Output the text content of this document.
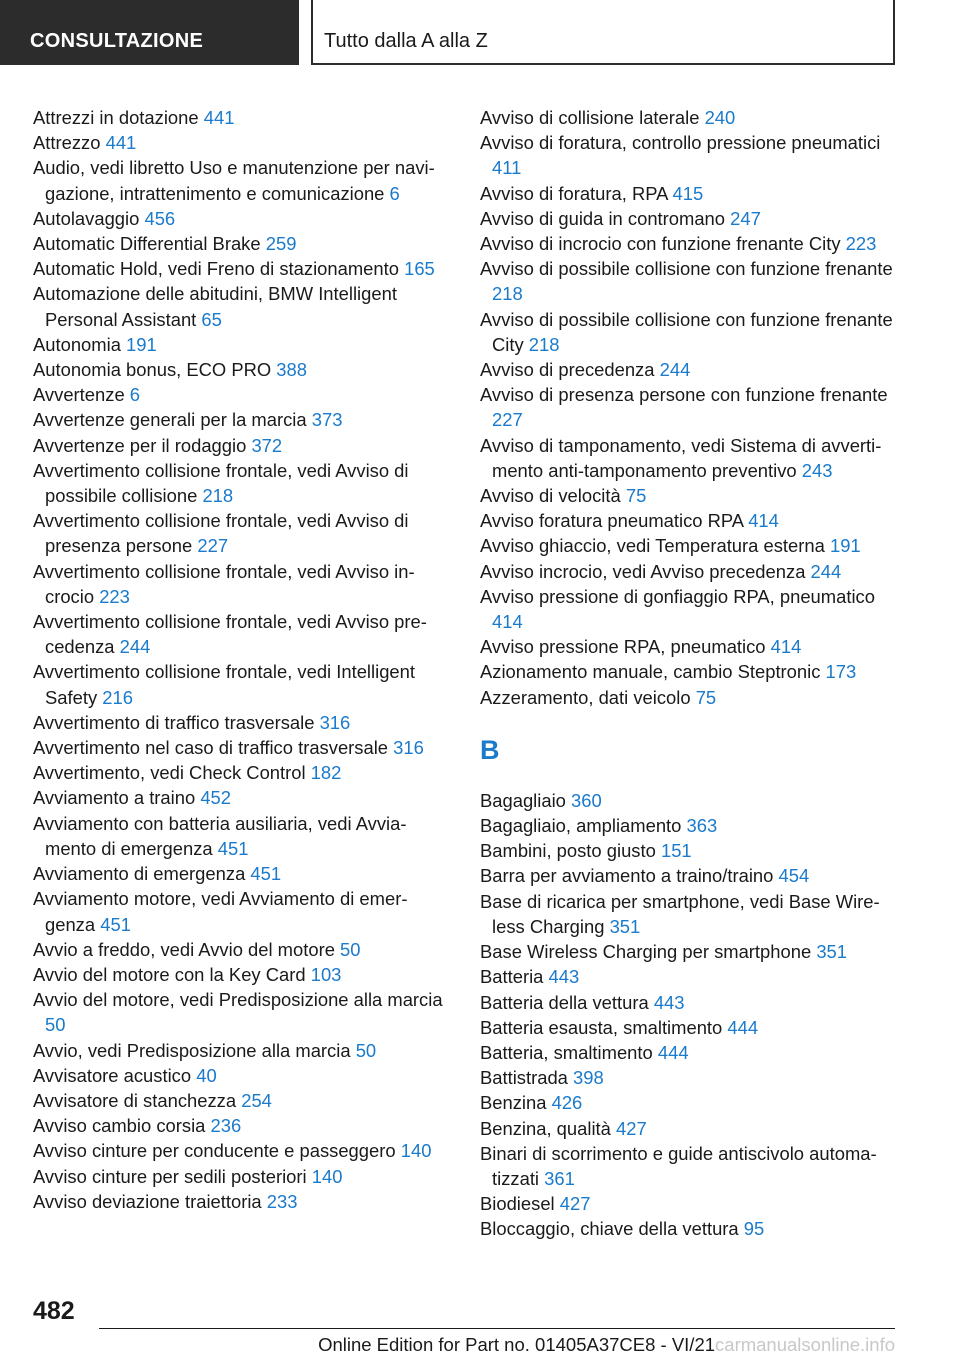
CONSULTAZIONE	Tutto dalla A alla Z

Attrezzi in dotazione 441

Attrezzo 441

Audio, vedi libretto Uso e manutenzione per navigazione, intrattenimento e comunicazione 6

Autolavaggio 456

Automatic Differential Brake 259

Automatic Hold, vedi Freno di stazionamento 165

Automazione delle abitudini, BMW Intelligent Personal Assistant 65

Autonomia 191

Autonomia bonus, ECO PRO 388

Avvertenze 6

Avvertenze generali per la marcia 373

Avvertenze per il rodaggio 372

Avvertimento collisione frontale, vedi Avviso di possibile collisione 218

Avvertimento collisione frontale, vedi Avviso di presenza persone 227

Avvertimento collisione frontale, vedi Avviso incrocio 223

Avvertimento collisione frontale, vedi Avviso precedenza 244

Avvertimento collisione frontale, vedi Intelligent Safety 216

Avvertimento di traffico trasversale 316

Avvertimento nel caso di traffico trasversale 316

Avvertimento, vedi Check Control 182

Avviamento a traino 452

Avviamento con batteria ausiliaria, vedi Avviamento di emergenza 451

Avviamento di emergenza 451

Avviamento motore, vedi Avviamento di emergenza 451

Avvio a freddo, vedi Avvio del motore 50

Avvio del motore con la Key Card 103

Avvio del motore, vedi Predisposizione alla marcia 50

Avvio, vedi Predisposizione alla marcia 50

Avvisatore acustico 40

Avvisatore di stanchezza 254

Avviso cambio corsia 236

Avviso cinture per conducente e passeggero 140

Avviso cinture per sedili posteriori 140

Avviso deviazione traiettoria 233

Avviso di collisione laterale 240

Avviso di foratura, controllo pressione pneumatici 411

Avviso di foratura, RPA 415

Avviso di guida in contromano 247

Avviso di incrocio con funzione frenante City 223

Avviso di possibile collisione con funzione frenante 218

Avviso di possibile collisione con funzione frenante City 218

Avviso di precedenza 244

Avviso di presenza persone con funzione frenante 227

Avviso di tamponamento, vedi Sistema di avvertimento anti-tamponamento preventivo 243

Avviso di velocità 75

Avviso foratura pneumatico RPA 414

Avviso ghiaccio, vedi Temperatura esterna 191

Avviso incrocio, vedi Avviso precedenza 244

Avviso pressione di gonfiaggio RPA, pneumatico 414

Avviso pressione RPA, pneumatico 414

Azionamento manuale, cambio Steptronic 173

Azzeramento, dati veicolo 75

B

Bagagliaio 360

Bagagliaio, ampliamento 363

Bambini, posto giusto 151

Barra per avviamento a traino/traino 454

Base di ricarica per smartphone, vedi Base Wireless Charging 351

Base Wireless Charging per smartphone 351

Batteria 443

Batteria della vettura 443

Batteria esausta, smaltimento 444

Batteria, smaltimento 444

Battistrada 398

Benzina 426

Benzina, qualità 427

Binari di scorrimento e guide antiscivolo automatizzati 361

Biodiesel 427

Bloccaggio, chiave della vettura 95

482
Online Edition for Part no. 01405A37CE8 - VI/21carmanualsonline.info
